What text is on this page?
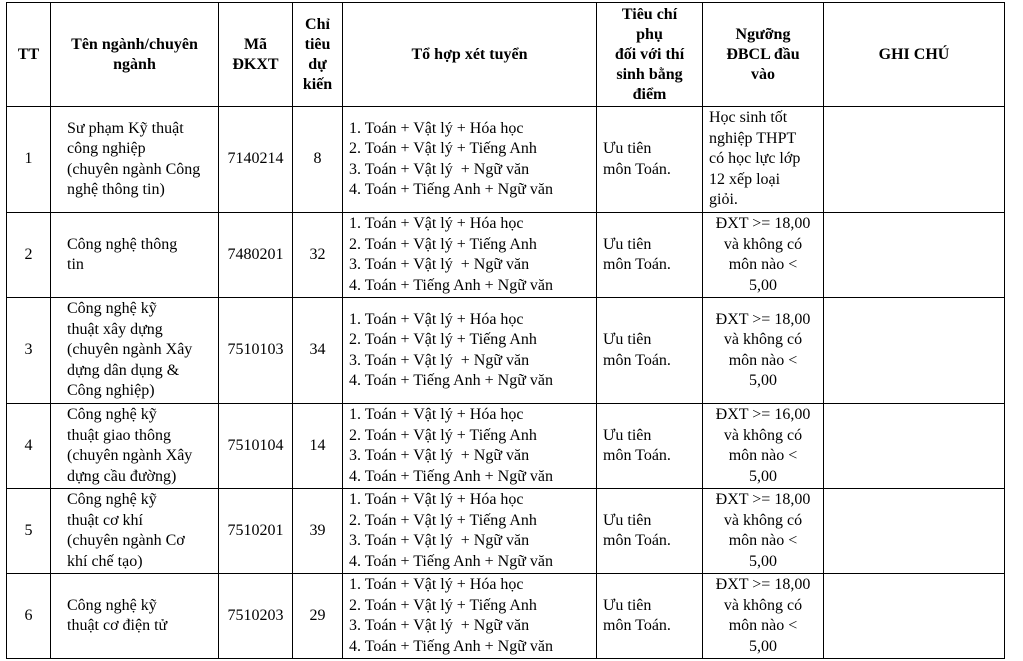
TT	Tên ngành/chuyên
ngành	Mã
ĐKXT	Chỉ
tiêu
dự
kiến	Tổ hợp xét tuyển	Tiêu chí
phụ
đối với thí
sinh bằng
điểm	Ngưỡng
ĐBCL đầu
vào	GHI CHÚ
1	Sư phạm Kỹ thuật
công nghiệp
(chuyên ngành Công
nghệ thông tin)	7140214	8	1. Toán + Vật lý + Hóa học
2. Toán + Vật lý + Tiếng Anh
3. Toán + Vật lý  + Ngữ văn
4. Toán + Tiếng Anh + Ngữ văn	Ưu tiên
môn Toán.	Học sinh tốt
nghiệp THPT
có học lực lớp
12 xếp loại
giỏi.	

2	Công nghệ thông
tin	7480201	32	1. Toán + Vật lý + Hóa học
2. Toán + Vật lý + Tiếng Anh
3. Toán + Vật lý  + Ngữ văn
4. Toán + Tiếng Anh + Ngữ văn	Ưu tiên
môn Toán.	ĐXT >= 18,00
và không có
môn nào <
5,00	

3	Công nghệ kỹ
thuật xây dựng
(chuyên ngành Xây
dựng dân dụng &
Công nghiệp)	7510103	34	1. Toán + Vật lý + Hóa học
2. Toán + Vật lý + Tiếng Anh
3. Toán + Vật lý  + Ngữ văn
4. Toán + Tiếng Anh + Ngữ văn	Ưu tiên
môn Toán.	ĐXT >= 18,00
và không có
môn nào <
5,00	

4	Công nghệ kỹ
thuật giao thông
(chuyên ngành Xây
dựng cầu đường)	7510104	14	1. Toán + Vật lý + Hóa học
2. Toán + Vật lý + Tiếng Anh
3. Toán + Vật lý  + Ngữ văn
4. Toán + Tiếng Anh + Ngữ văn	Ưu tiên
môn Toán.	ĐXT >= 16,00
và không có
môn nào <
5,00	

5	Công nghệ kỹ
thuật cơ khí
(chuyên ngành Cơ
khí chế tạo)	7510201	39	1. Toán + Vật lý + Hóa học
2. Toán + Vật lý + Tiếng Anh
3. Toán + Vật lý  + Ngữ văn
4. Toán + Tiếng Anh + Ngữ văn	Ưu tiên
môn Toán.	ĐXT >= 18,00
và không có
môn nào <
5,00	

6	Công nghệ kỹ
thuật cơ điện tử	7510203	29	1. Toán + Vật lý + Hóa học
2. Toán + Vật lý + Tiếng Anh
3. Toán + Vật lý  + Ngữ văn
4. Toán + Tiếng Anh + Ngữ văn	Ưu tiên
môn Toán.	ĐXT >= 18,00
và không có
môn nào <
5,00	
